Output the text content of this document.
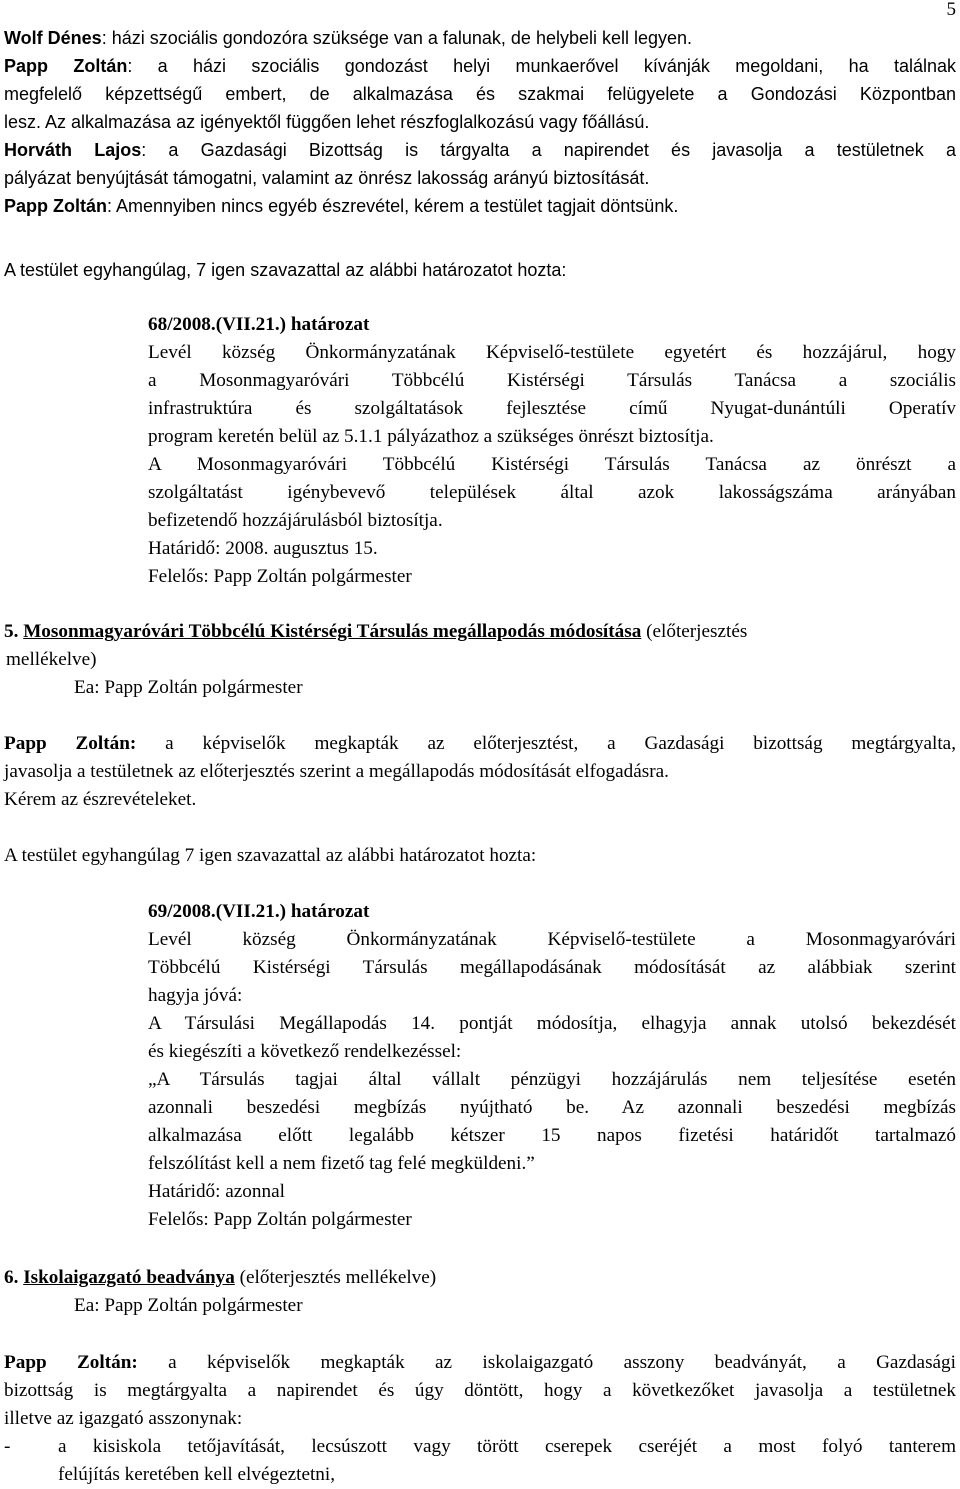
5
Wolf Dénes: házi szociális gondozóra szüksége van a falunak, de helybeli kell legyen.
Papp Zoltán: a házi szociális gondozást helyi munkaerővel kívánják megoldani, ha találnak
megfelelő képzettségű embert, de alkalmazása és szakmai felügyelete a Gondozási Központban
lesz. Az alkalmazása az igényektől függően lehet részfoglalkozású vagy főállású.
Horváth Lajos: a Gazdasági Bizottság is tárgyalta a napirendet és javasolja a testületnek a
pályázat benyújtását támogatni, valamint az önrész lakosság arányú biztosítását.
Papp Zoltán: Amennyiben nincs egyéb észrevétel, kérem a testület tagjait döntsünk.
A testület egyhangúlag, 7 igen szavazattal az alábbi határozatot hozta:
68/2008.(VII.21.) határozat
Levél község Önkormányzatának Képviselő-testülete egyetért és hozzájárul, hogy
a Mosonmagyaróvári Többcélú Kistérségi Társulás Tanácsa a szociális
infrastruktúra és szolgáltatások fejlesztése című Nyugat-dunántúli Operatív
program keretén belül az 5.1.1 pályázathoz a szükséges önrészt biztosítja.
A Mosonmagyaróvári Többcélú Kistérségi Társulás Tanácsa az önrészt a
szolgáltatást igénybevevő települések által azok lakosságszáma arányában
befizetendő hozzájárulásból biztosítja.
Határidő: 2008. augusztus 15.
Felelős: Papp Zoltán polgármester
5. Mosonmagyaróvári Többcélú Kistérségi Társulás megállapodás módosítása (előterjesztés
mellékelve)
Ea: Papp Zoltán polgármester
Papp Zoltán: a képviselők megkapták az előterjesztést, a Gazdasági bizottság megtárgyalta,
javasolja a testületnek az előterjesztés szerint a megállapodás módosítását elfogadásra.
Kérem az észrevételeket.
A testület egyhangúlag 7 igen szavazattal az alábbi határozatot hozta:
69/2008.(VII.21.) határozat
Levél község Önkormányzatának Képviselő-testülete a Mosonmagyaróvári
Többcélú Kistérségi Társulás megállapodásának módosítását az alábbiak szerint
hagyja jóvá:
A Társulási Megállapodás 14. pontját módosítja, elhagyja annak utolsó bekezdését
és kiegészíti a következő rendelkezéssel:
„A Társulás tagjai által vállalt pénzügyi hozzájárulás nem teljesítése esetén
azonnali beszedési megbízás nyújtható be. Az azonnali beszedési megbízás
alkalmazása előtt legalább kétszer 15 napos fizetési határidőt tartalmazó
felszólítást kell a nem fizető tag felé megküldeni.”
Határidő: azonnal
Felelős: Papp Zoltán polgármester
6. Iskolaigazgató beadványa (előterjesztés mellékelve)
Ea: Papp Zoltán polgármester
Papp Zoltán: a képviselők megkapták az iskolaigazgató asszony beadványát, a Gazdasági
bizottság is megtárgyalta a napirendet és úgy döntött, hogy a következőket javasolja a testületnek
illetve az igazgató asszonynak:
- a kisiskola tetőjavítását, lecsúszott vagy törött cserepek cseréjét a most folyó tanterem
felújítás keretében kell elvégeztetni,
